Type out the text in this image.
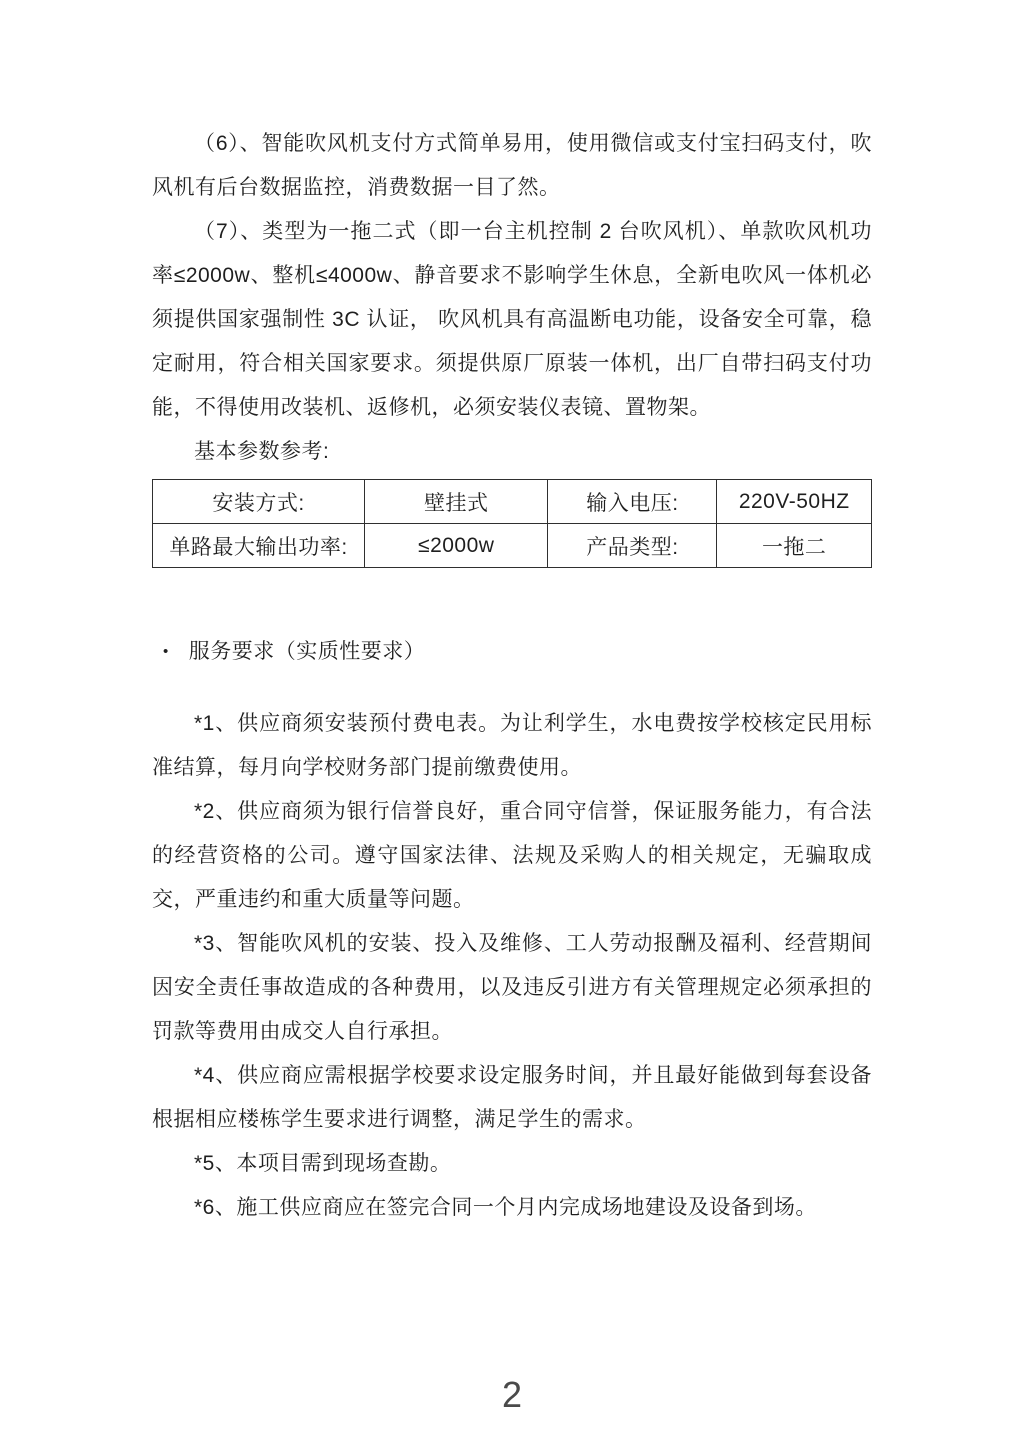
（6）、智能吹风机支付方式简单易用，使用微信或支付宝扫码支付，吹风机有后台数据监控，消费数据一目了然。

（7）、类型为一拖二式（即一台主机控制 2 台吹风机）、单款吹风机功率≤2000w、整机≤4000w、静音要求不影响学生休息，全新电吹风一体机必须提供国家强制性 3C 认证， 吹风机具有高温断电功能，设备安全可靠，稳定耐用，符合相关国家要求。须提供原厂原装一体机，出厂自带扫码支付功能，不得使用改装机、返修机，必须安装仪表镜、置物架。

基本参数参考:

安装方式:	壁挂式	输入电压:	220V-50HZ
单路最大输出功率:	≤2000w	产品类型:	一拖二
• 服务要求（实质性要求）

*1、供应商须安装预付费电表。为让利学生，水电费按学校核定民用标准结算，每月向学校财务部门提前缴费使用。

*2、供应商须为银行信誉良好，重合同守信誉，保证服务能力，有合法的经营资格的公司。遵守国家法律、法规及采购人的相关规定，无骗取成交，严重违约和重大质量等问题。

*3、智能吹风机的安装、投入及维修、工人劳动报酬及福利、经营期间因安全责任事故造成的各种费用，以及违反引进方有关管理规定必须承担的罚款等费用由成交人自行承担。

*4、供应商应需根据学校要求设定服务时间，并且最好能做到每套设备根据相应楼栋学生要求进行调整，满足学生的需求。

*5、本项目需到现场查勘。

*6、施工供应商应在签完合同一个月内完成场地建设及设备到场。

2
